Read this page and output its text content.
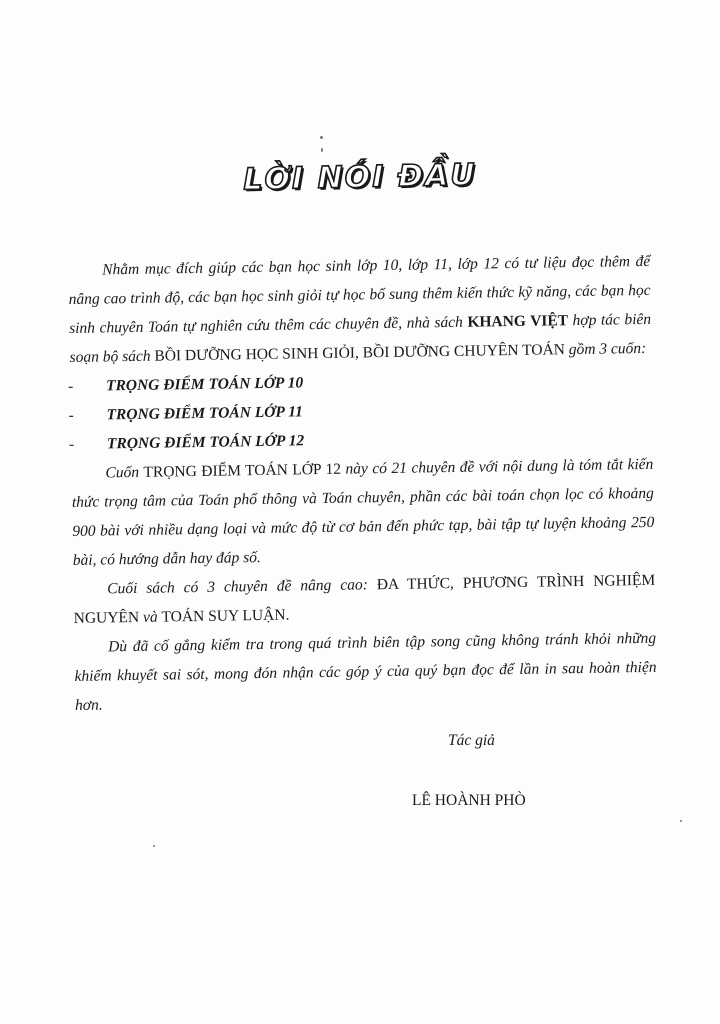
LỜI NÓI ĐẦU

Nhằm mục đích giúp các bạn học sinh lớp 10, lớp 11, lớp 12 có tư liệu đọc thêm để nâng cao trình độ, các bạn học sinh giỏi tự học bổ sung thêm kiến thức kỹ năng, các bạn học sinh chuyên Toán tự nghiên cứu thêm các chuyên đề, nhà sách KHANG VIỆT hợp tác biên soạn bộ sách BỒI DƯỠNG HỌC SINH GIỎI, BỒI DƯỠNG CHUYÊN TOÁN gồm 3 cuốn:

- TRỌNG ĐIỂM TOÁN LỚP 10

- TRỌNG ĐIỂM TOÁN LỚP 11

- TRỌNG ĐIỂM TOÁN LỚP 12

Cuốn TRỌNG ĐIỂM TOÁN LỚP 12 này có 21 chuyên đề với nội dung là tóm tắt kiến thức trọng tâm của Toán phổ thông và Toán chuyên, phần các bài toán chọn lọc có khoảng 900 bài với nhiều dạng loại và mức độ từ cơ bản đến phức tạp, bài tập tự luyện khoảng 250 bài, có hướng dẫn hay đáp số.

Cuối sách có 3 chuyên đề nâng cao: ĐA THỨC, PHƯƠNG TRÌNH NGHIỆM NGUYÊN và TOÁN SUY LUẬN.

Dù đã cố gắng kiểm tra trong quá trình biên tập song cũng không tránh khỏi những khiếm khuyết sai sót, mong đón nhận các góp ý của quý bạn đọc để lần in sau hoàn thiện hơn.

Tác giả
LÊ HOÀNH PHÒ
